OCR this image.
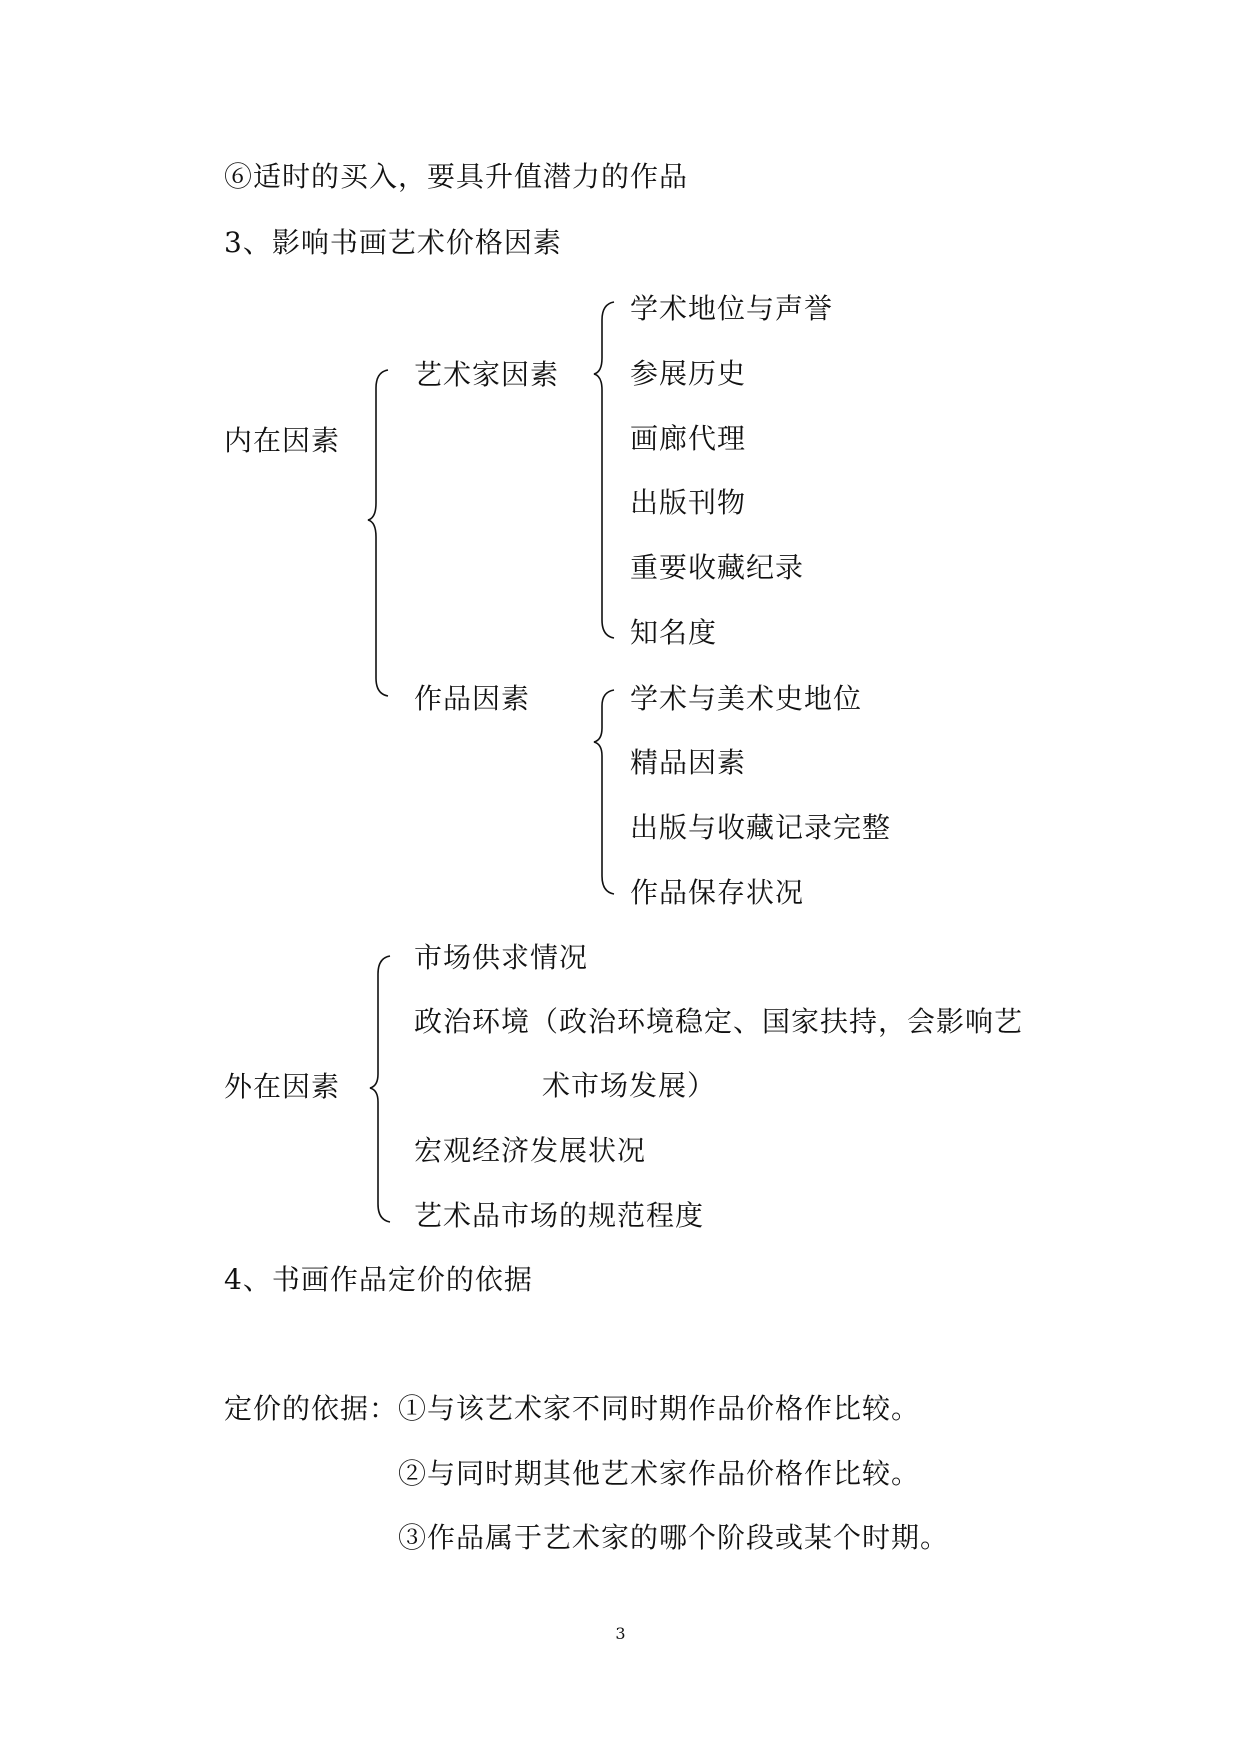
⑥适时的买入，要具升值潜力的作品
3、影响书画艺术价格因素
内在因素
艺术家因素
作品因素
学术地位与声誉
参展历史
画廊代理
出版刊物
重要收藏纪录
知名度
学术与美术史地位
精品因素
出版与收藏记录完整
作品保存状况
外在因素
市场供求情况
政治环境（政治环境稳定、国家扶持，会影响艺
术市场发展）
宏观经济发展状况
艺术品市场的规范程度
4、书画作品定价的依据
定价的依据： ①与该艺术家不同时期作品价格作比较。
②与同时期其他艺术家作品价格作比较。
③作品属于艺术家的哪个阶段或某个时期。
3
